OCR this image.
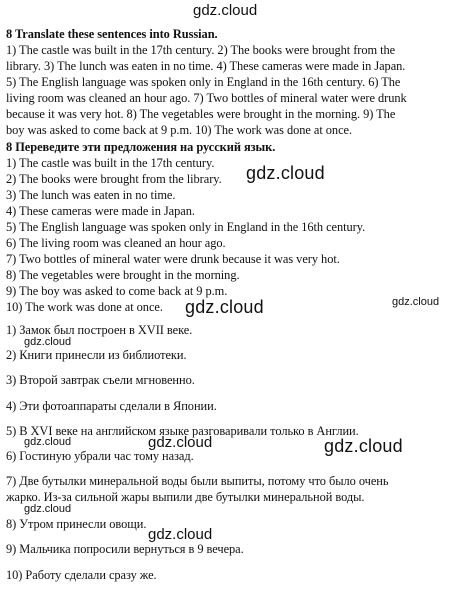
gdz.cloud
8 Translate these sentences into Russian.
1) The castle was built in the 17th century. 2) The books were brought from the
library. 3) The lunch was eaten in no time. 4) These cameras were made in Japan.
5) The English language was spoken only in England in the 16th century. 6) The
living room was cleaned an hour ago. 7) Two bottles of mineral water were drunk
because it was very hot. 8) The vegetables were brought in the morning. 9) The
boy was asked to come back at 9 p.m. 10) The work was done at once.
8 Переведите эти предложения на русский язык.
1) The castle was built in the 17th century.
2) The books were brought from the library.
3) The lunch was eaten in no time.
4) These cameras were made in Japan.
5) The English language was spoken only in England in the 16th century.
6) The living room was cleaned an hour ago.
7) Two bottles of mineral water were drunk because it was very hot.
8) The vegetables were brought in the morning.
9) The boy was asked to come back at 9 p.m.
10) The work was done at once.
gdz.cloud
gdz.cloud	gdz.cloud
1) Замок был построен в XVII веке.
gdz.cloud
2) Книги принесли из библиотеки.
3) Второй завтрак съели мгновенно.
4) Эти фотоаппараты сделали в Японии.
5) В XVI веке на английском языке разговаривали только в Англии.
gdz.cloud	gdz.cloud	gdz.cloud
6) Гостиную убрали час тому назад.
7) Две бутылки минеральной воды были выпиты, потому что было очень
жарко. Из-за сильной жары выпили две бутылки минеральной воды.
gdz.cloud
8) Утром принесли овощи.
gdz.cloud
9) Мальчика попросили вернуться в 9 вечера.
10) Работу сделали сразу же.
